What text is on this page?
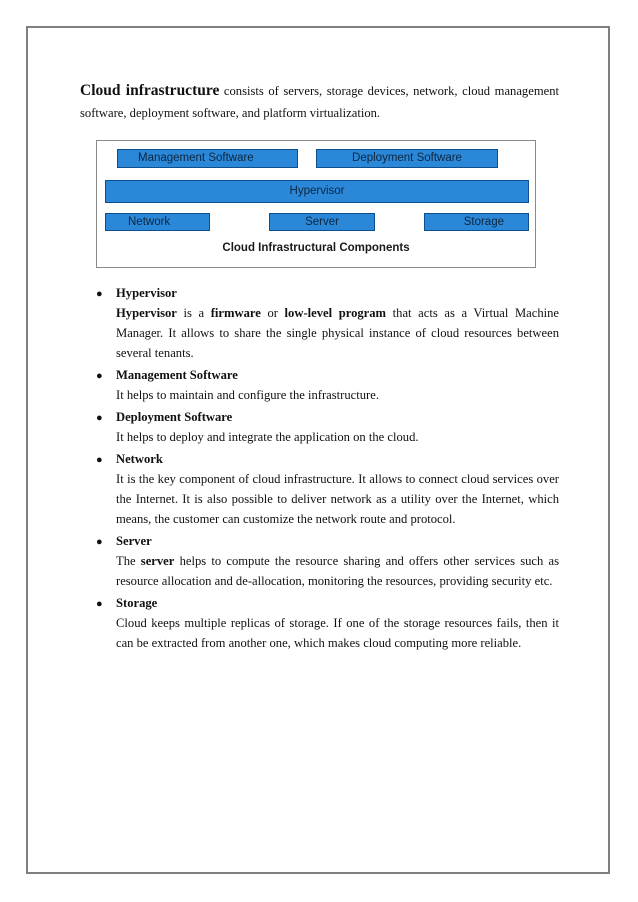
Cloud infrastructure consists of servers, storage devices, network, cloud management software, deployment software, and platform virtualization.

Management Software	Deployment Software
Hypervisor
Network	Server	Storage
Cloud Infrastructural Components
● Hypervisor

Hypervisor is a firmware or low-level program that acts as a Virtual Machine Manager. It allows to share the single physical instance of cloud resources between several tenants.

● Management Software

It helps to maintain and configure the infrastructure.

● Deployment Software

It helps to deploy and integrate the application on the cloud.

● Network

It is the key component of cloud infrastructure. It allows to connect cloud services over the Internet. It is also possible to deliver network as a utility over the Internet, which means, the customer can customize the network route and protocol.

● Server

The server helps to compute the resource sharing and offers other services such as resource allocation and de-allocation, monitoring the resources, providing security etc.

● Storage

Cloud keeps multiple replicas of storage. If one of the storage resources fails, then it can be extracted from another one, which makes cloud computing more reliable.
